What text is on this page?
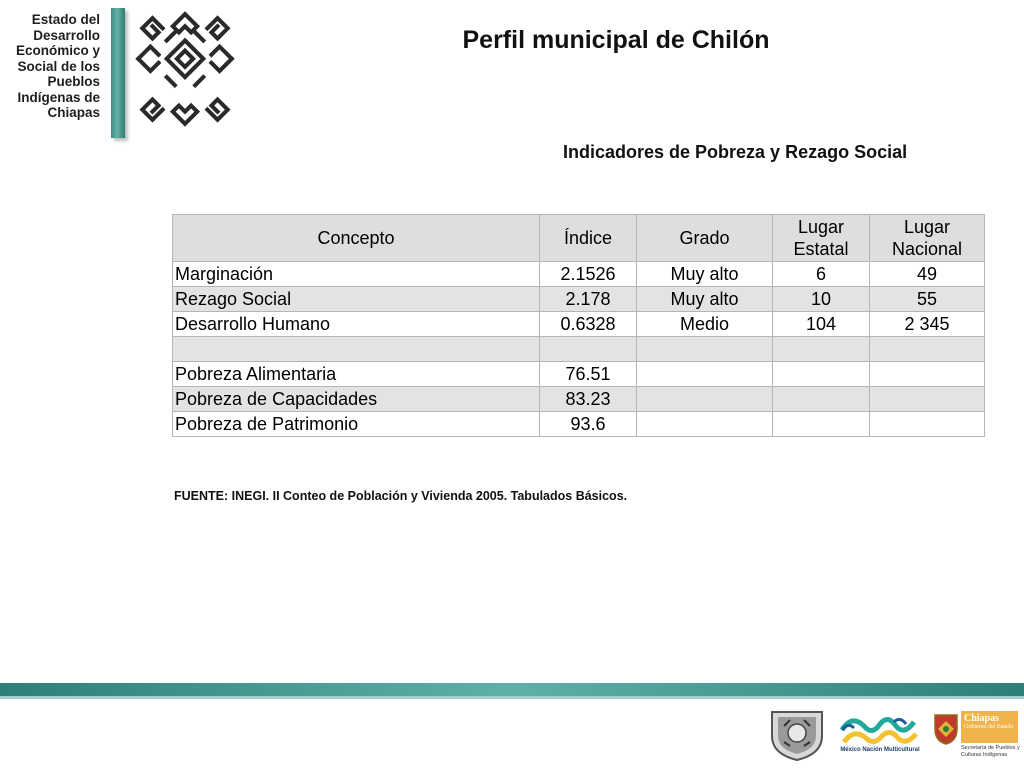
Estado del
Desarrollo
Económico y
Social de los
Pueblos
Indígenas de
Chiapas
Perfil municipal de Chilón
Indicadores de Pobreza y Rezago Social
Concepto	Índice	Grado	Lugar Estatal	Lugar Nacional
Marginación	2.1526	Muy alto	6	49
Rezago Social	2.178	Muy alto	10	55
Desarrollo Humano	0.6328	Medio	104	2 345

Pobreza Alimentaria	76.51			
Pobreza de Capacidades	83.23			
Pobreza de Patrimonio	93.6			
FUENTE: INEGI. II Conteo de Población y Vivienda 2005. Tabulados Básicos.
México Nación Multicultural
Chiapas
Gobierno del Estado
Secretaría de Pueblos y Culturas Indígenas
